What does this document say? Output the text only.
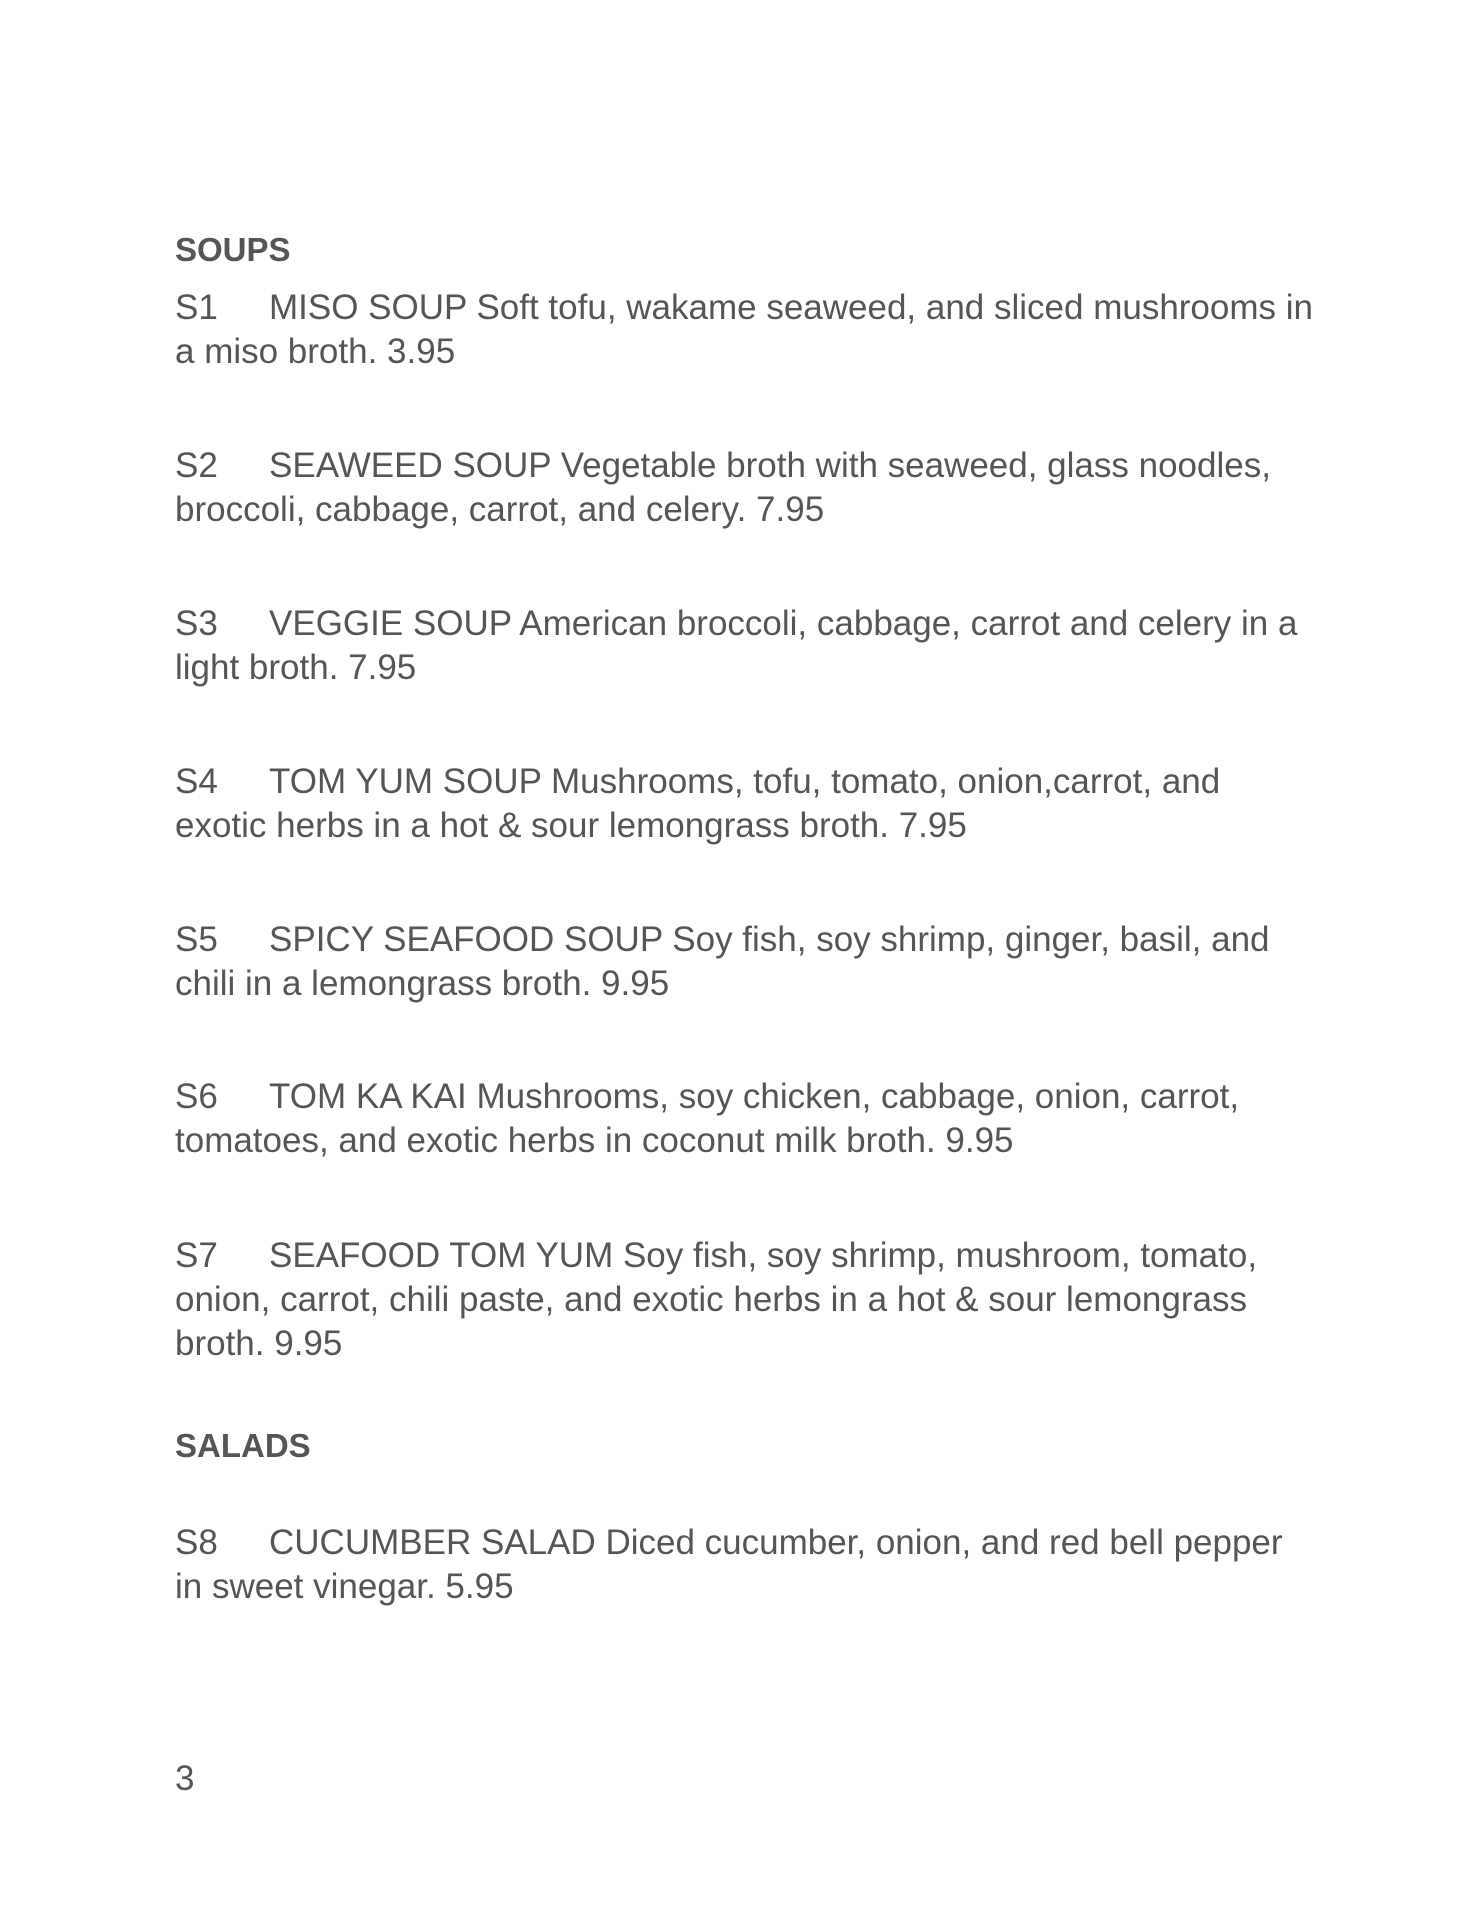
SOUPS

S1 MISO SOUP Soft tofu, wakame seaweed, and sliced mushrooms in a miso broth. 3.95

S2 SEAWEED SOUP Vegetable broth with seaweed, glass noodles, broccoli, cabbage, carrot, and celery. 7.95

S3 VEGGIE SOUP American broccoli, cabbage, carrot and celery in a light broth. 7.95

S4 TOM YUM SOUP Mushrooms, tofu, tomato, onion,carrot, and exotic herbs in a hot & sour lemongrass broth. 7.95

S5 SPICY SEAFOOD SOUP Soy fish, soy shrimp, ginger, basil, and chili in a lemongrass broth. 9.95

S6 TOM KA KAI Mushrooms, soy chicken, cabbage, onion, carrot, tomatoes, and exotic herbs in coconut milk broth. 9.95

S7 SEAFOOD TOM YUM Soy fish, soy shrimp, mushroom, tomato, onion, carrot, chili paste, and exotic herbs in a hot & sour lemongrass broth. 9.95

SALADS

S8 CUCUMBER SALAD Diced cucumber, onion, and red bell pepper in sweet vinegar. 5.95

3
